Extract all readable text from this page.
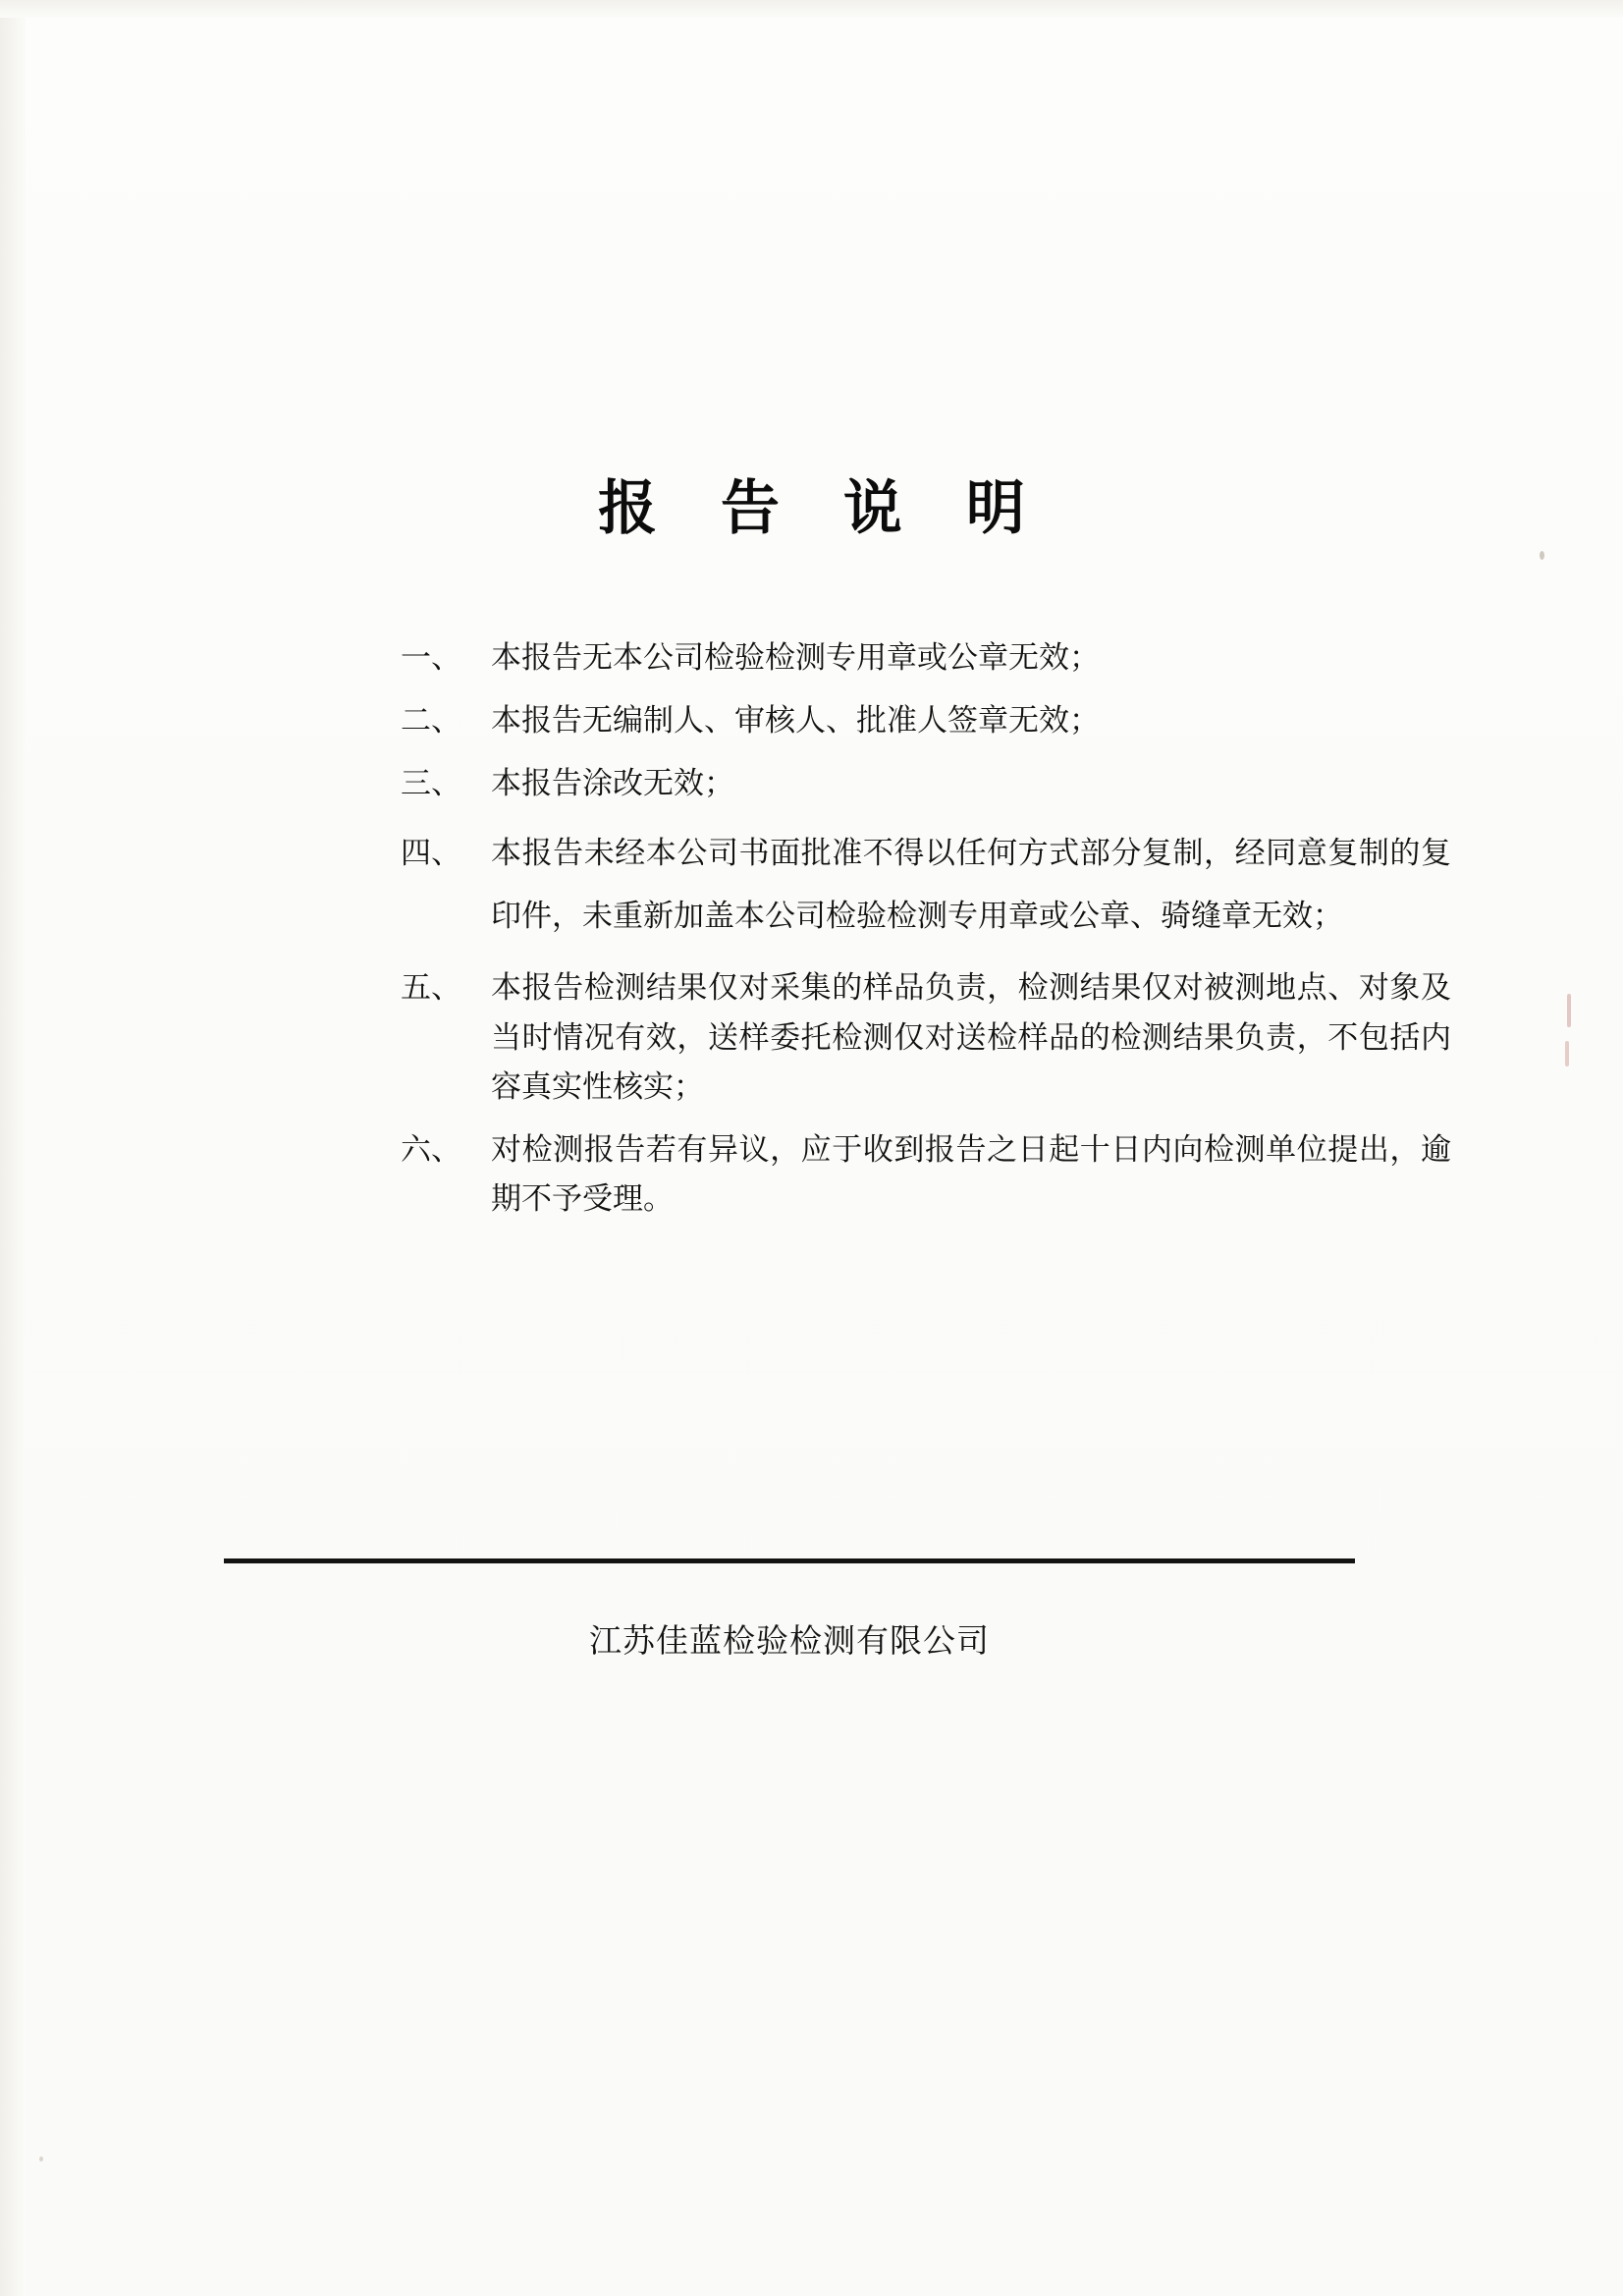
报 告 说 明
一、 本报告无本公司检验检测专用章或公章无效；
二、 本报告无编制人、审核人、批准人签章无效；
三、 本报告涂改无效；
四、 本报告未经本公司书面批准不得以任何方式部分复制，经同意复制的复印件，未重新加盖本公司检验检测专用章或公章、骑缝章无效；
五、 本报告检测结果仅对采集的样品负责，检测结果仅对被测地点、对象及当时情况有效，送样委托检测仅对送检样品的检测结果负责，不包括内容真实性核实；
六、 对检测报告若有异议，应于收到报告之日起十日内向检测单位提出，逾期不予受理。
江苏佳蓝检验检测有限公司
